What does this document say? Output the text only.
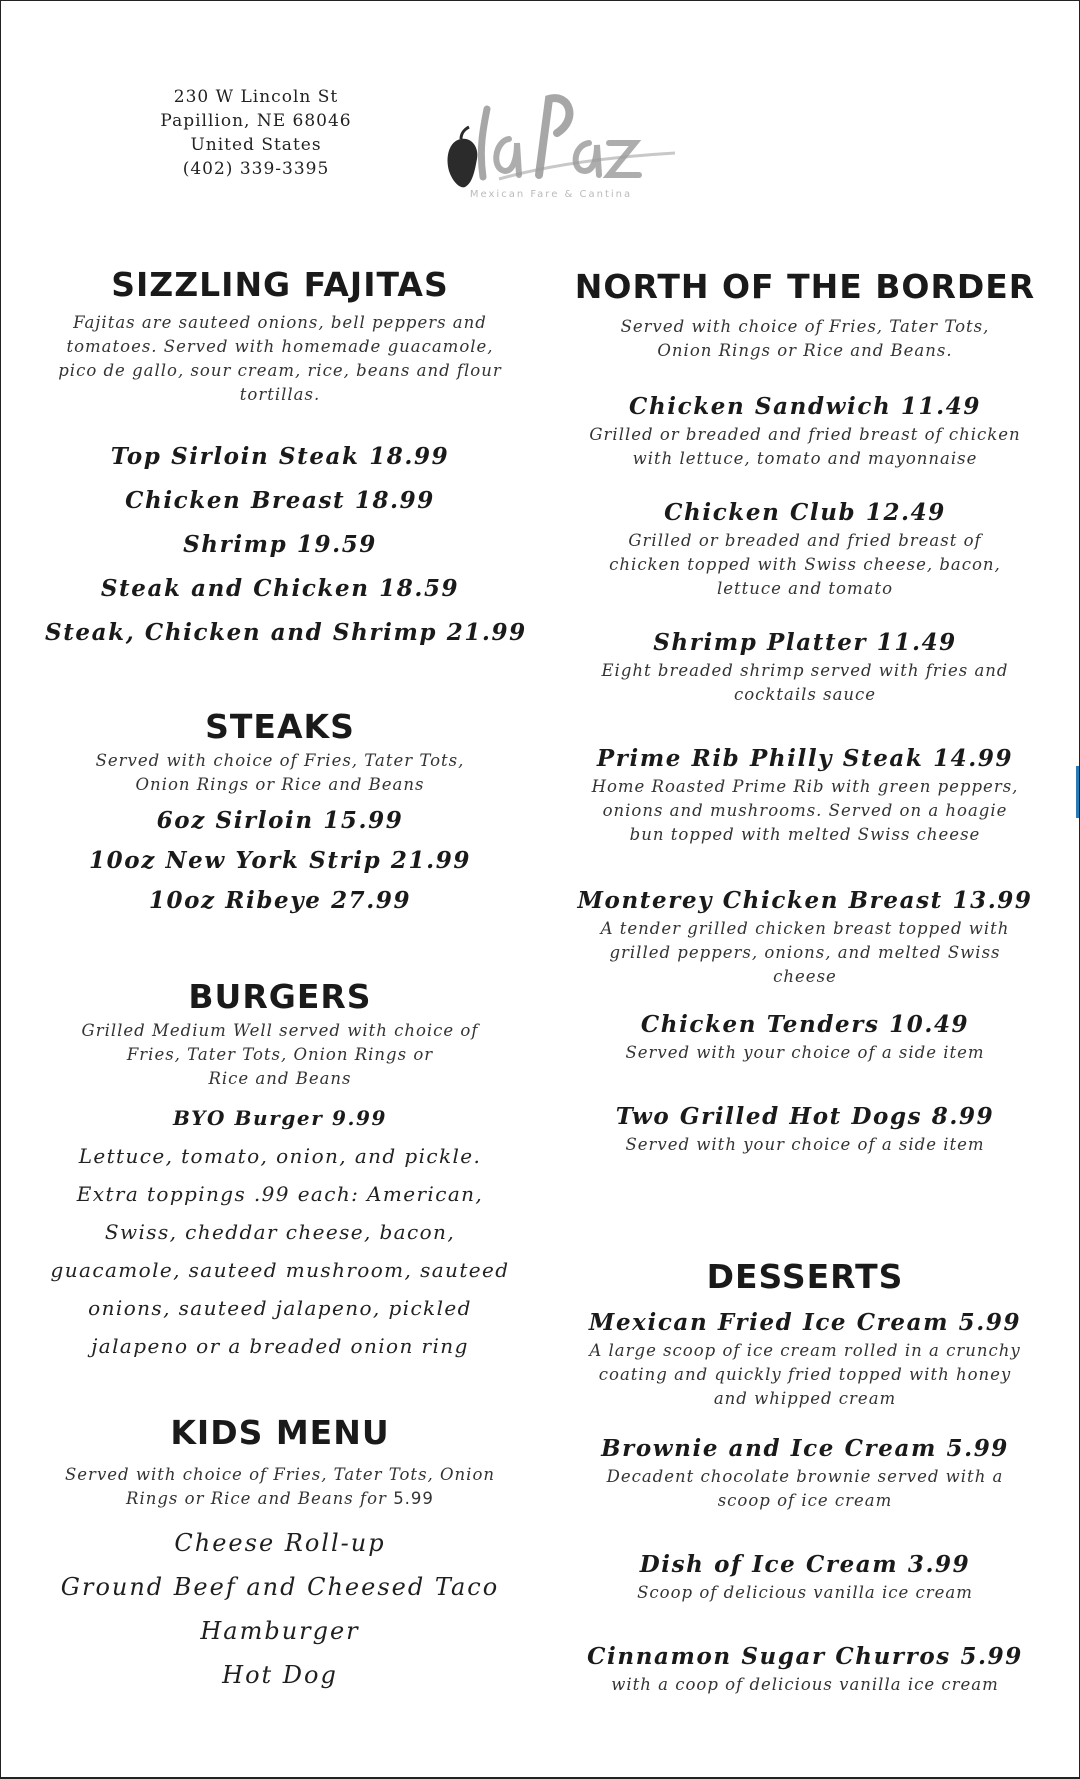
230 W Lincoln St
Papillion, NE 68046
United States
(402) 339-3395
Mexican Fare & Cantina
SIZZLING FAJITAS
Fajitas are sauteed onions, bell peppers and
tomatoes. Served with homemade guacamole,
pico de gallo, sour cream, rice, beans and flour
tortillas.
Top Sirloin Steak 18.99
Chicken Breast 18.99
Shrimp 19.59
Steak and Chicken 18.59
Steak, Chicken and Shrimp 21.99
STEAKS
Served with choice of Fries, Tater Tots,
Onion Rings or Rice and Beans
6oz Sirloin 15.99
10oz New York Strip 21.99
10oz Ribeye 27.99
BURGERS
Grilled Medium Well served with choice of
Fries, Tater Tots, Onion Rings or
Rice and Beans
BYO Burger 9.99
Lettuce, tomato, onion, and pickle.
Extra toppings .99 each: American,
Swiss, cheddar cheese, bacon,
guacamole, sauteed mushroom, sauteed
onions, sauteed jalapeno, pickled
jalapeno or a breaded onion ring
KIDS MENU
Served with choice of Fries, Tater Tots, Onion
Rings or Rice and Beans for 5.99
Cheese Roll-up
Ground Beef and Cheesed Taco
Hamburger
Hot Dog
NORTH OF THE BORDER
Served with choice of Fries, Tater Tots,
Onion Rings or Rice and Beans.
Chicken Sandwich 11.49
Grilled or breaded and fried breast of chicken
with lettuce, tomato and mayonnaise
Chicken Club 12.49
Grilled or breaded and fried breast of
chicken topped with Swiss cheese, bacon,
lettuce and tomato
Shrimp Platter 11.49
Eight breaded shrimp served with fries and
cocktails sauce
Prime Rib Philly Steak 14.99
Home Roasted Prime Rib with green peppers,
onions and mushrooms. Served on a hoagie
bun topped with melted Swiss cheese
Monterey Chicken Breast 13.99
A tender grilled chicken breast topped with
grilled peppers, onions, and melted Swiss
cheese
Chicken Tenders 10.49
Served with your choice of a side item
Two Grilled Hot Dogs 8.99
Served with your choice of a side item
DESSERTS
Mexican Fried Ice Cream 5.99
A large scoop of ice cream rolled in a crunchy
coating and quickly fried topped with honey
and whipped cream
Brownie and Ice Cream 5.99
Decadent chocolate brownie served with a
scoop of ice cream
Dish of Ice Cream 3.99
Scoop of delicious vanilla ice cream
Cinnamon Sugar Churros 5.99
with a coop of delicious vanilla ice cream
